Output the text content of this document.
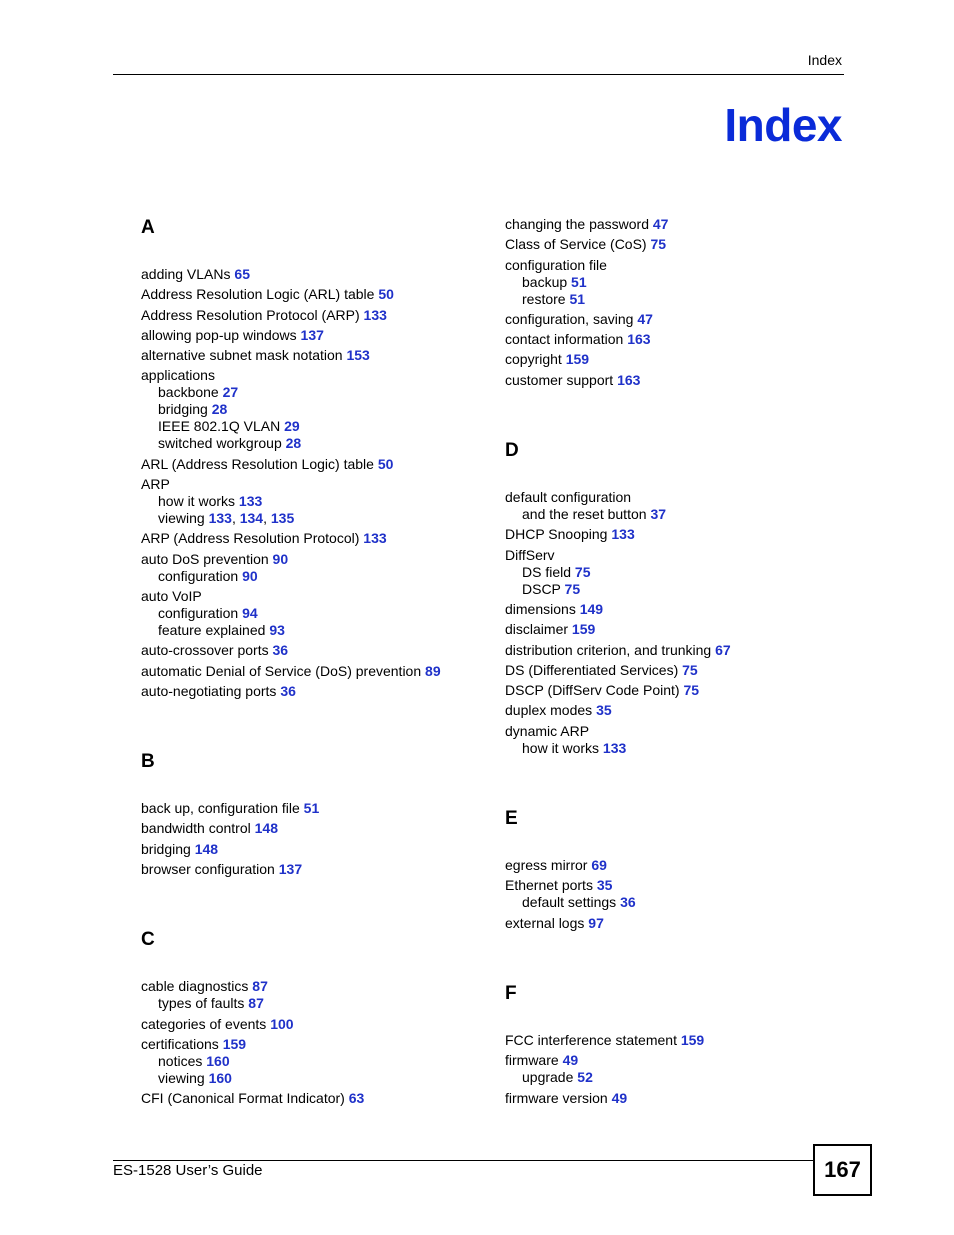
Index
Index
A
adding VLANs 65
Address Resolution Logic (ARL) table 50
Address Resolution Protocol (ARP) 133
allowing pop-up windows 137
alternative subnet mask notation 153
applications
backbone 27
bridging 28
IEEE 802.1Q VLAN 29
switched workgroup 28
ARL (Address Resolution Logic) table 50
ARP
how it works 133
viewing 133, 134, 135
ARP (Address Resolution Protocol) 133
auto DoS prevention 90
configuration 90
auto VoIP
configuration 94
feature explained 93
auto-crossover ports 36
automatic Denial of Service (DoS) prevention 89
auto-negotiating ports 36
B
back up, configuration file 51
bandwidth control 148
bridging 148
browser configuration 137
C
cable diagnostics 87
types of faults 87
categories of events 100
certifications 159
notices 160
viewing 160
CFI (Canonical Format Indicator) 63
changing the password 47
Class of Service (CoS) 75
configuration file
backup 51
restore 51
configuration, saving 47
contact information 163
copyright 159
customer support 163
D
default configuration
and the reset button 37
DHCP Snooping 133
DiffServ
DS field 75
DSCP 75
dimensions 149
disclaimer 159
distribution criterion, and trunking 67
DS (Differentiated Services) 75
DSCP (DiffServ Code Point) 75
duplex modes 35
dynamic ARP
how it works 133
E
egress mirror 69
Ethernet ports 35
default settings 36
external logs 97
F
FCC interference statement 159
firmware 49
upgrade 52
firmware version 49
ES-1528 User’s Guide	167
